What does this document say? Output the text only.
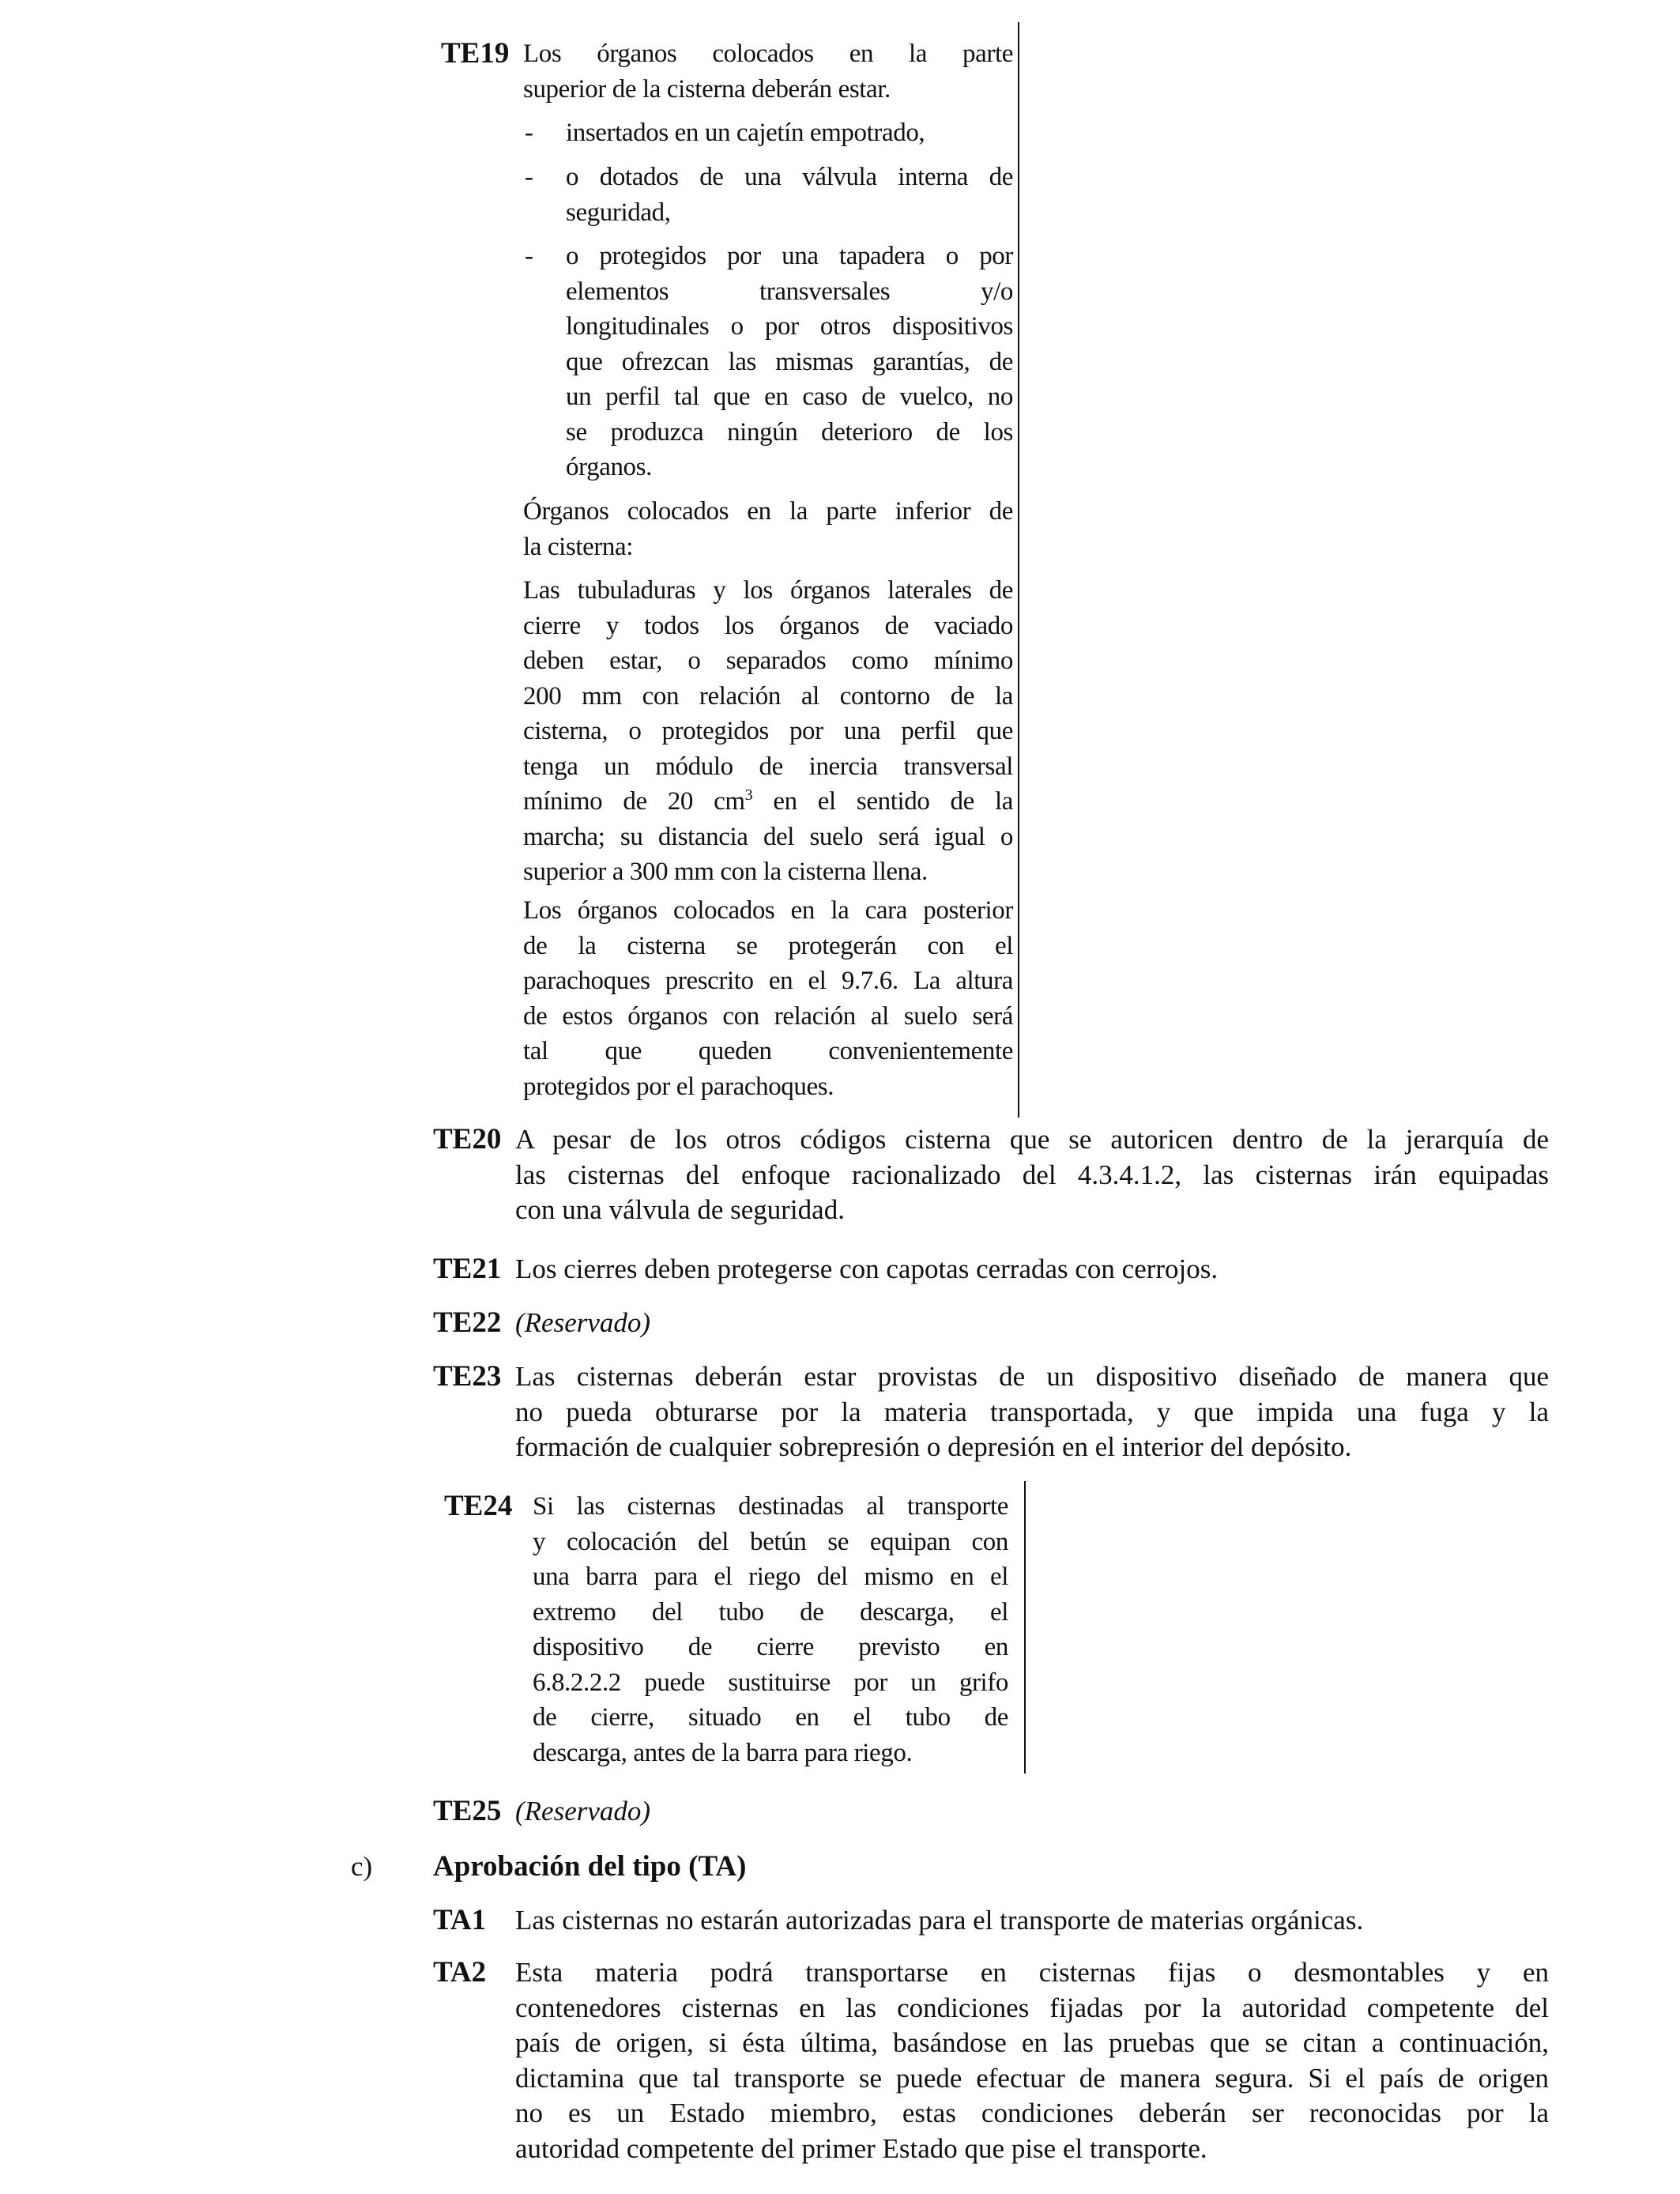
TE19 Los órganos colocados en la parte
superior de la cisterna deberán estar.
- insertados en un cajetín empotrado,
- o dotados de una válvula interna de
seguridad,
- o protegidos por una tapadera o por
elementos transversales y/o
longitudinales o por otros dispositivos
que ofrezcan las mismas garantías, de
un perfil tal que en caso de vuelco, no
se produzca ningún deterioro de los
órganos.
Órganos colocados en la parte inferior de
la cisterna:
Las tubuladuras y los órganos laterales de
cierre y todos los órganos de vaciado
deben estar, o separados como mínimo
200 mm con relación al contorno de la
cisterna, o protegidos por una perfil que
tenga un módulo de inercia transversal
mínimo de 20 $cm^3$ en el sentido de la
marcha; su distancia del suelo será igual o
superior a 300 mm con la cisterna llena.
Los órganos colocados en la cara posterior
de la cisterna se protegerán con el
parachoques prescrito en el 9.7.6. La altura
de estos órganos con relación al suelo será
tal que queden convenientemente
protegidos por el parachoques.
TE20 A pesar de los otros códigos cisterna que se autoricen dentro de la jerarquía de
las cisternas del enfoque racionalizado del 4.3.4.1.2, las cisternas irán equipadas
con una válvula de seguridad.
TE21 Los cierres deben protegerse con capotas cerradas con cerrojos.
TE22 (Reservado)
TE23 Las cisternas deberán estar provistas de un dispositivo diseñado de manera que
no pueda obturarse por la materia transportada, y que impida una fuga y la
formación de cualquier sobrepresión o depresión en el interior del depósito.
TE24 Si las cisternas destinadas al transporte
y colocación del betún se equipan con
una barra para el riego del mismo en el
extremo del tubo de descarga, el
dispositivo de cierre previsto en
6.8.2.2.2 puede sustituirse por un grifo
de cierre, situado en el tubo de
descarga, antes de la barra para riego.
TE25 (Reservado)
c) Aprobación del tipo (TA)
TA1 Las cisternas no estarán autorizadas para el transporte de materias orgánicas.
TA2 Esta materia podrá transportarse en cisternas fijas o desmontables y en
contenedores cisternas en las condiciones fijadas por la autoridad competente del
país de origen, si ésta última, basándose en las pruebas que se citan a continuación,
dictamina que tal transporte se puede efectuar de manera segura. Si el país de origen
no es un Estado miembro, estas condiciones deberán ser reconocidas por la
autoridad competente del primer Estado que pise el transporte.
